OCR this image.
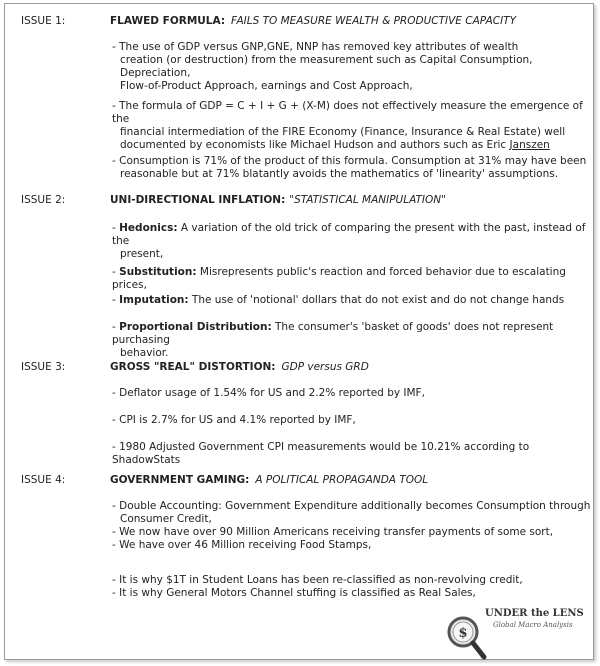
ISSUE 1:	FLAWED FORMULA: FAILS TO MEASURE WEALTH & PRODUCTIVE CAPACITY
- The use of GDP versus GNP,GNE, NNP has removed key attributes of wealth
creation (or destruction) from the measurement such as Capital Consumption, Depreciation,
Flow-of-Product Approach, earnings and Cost Approach,
- The formula of GDP = C + I + G + (X-M) does not effectively measure the emergence of the
financial intermediation of the FIRE Economy (Finance, Insurance & Real Estate) well
documented by economists like Michael Hudson and authors such as Eric Janszen
- Consumption is 71% of the product of this formula. Consumption at 31% may have been
reasonable but at 71% blatantly avoids the mathematics of 'linearity' assumptions.
ISSUE 2:	UNI-DIRECTIONAL INFLATION: "STATISTICAL MANIPULATION"
- Hedonics: A variation of the old trick of comparing the present with the past, instead of the
present,
- Substitution: Misrepresents public's reaction and forced behavior due to escalating prices,
- Imputation: The use of 'notional' dollars that do not exist and do not change hands
- Proportional Distribution: The consumer's 'basket of goods' does not represent purchasing
behavior.
ISSUE 3:	GROSS "REAL" DISTORTION: GDP versus GRD
- Deflator usage of 1.54% for US and 2.2% reported by IMF,
- CPI is 2.7% for US and 4.1% reported by IMF,
- 1980 Adjusted Government CPI measurements would be 10.21% according to ShadowStats
ISSUE 4:	GOVERNMENT GAMING: A POLITICAL PROPAGANDA TOOL
- Double Accounting: Government Expenditure additionally becomes Consumption through
Consumer Credit,
- We now have over 90 Million Americans receiving transfer payments of some sort,
- We have over 46 Million receiving Food Stamps,
- It is why $1T in Student Loans has been re-classified as non-revolving credit,
- It is why General Motors Channel stuffing is classified as Real Sales,
$
UNDER the LENS
Global Macro Analysis
